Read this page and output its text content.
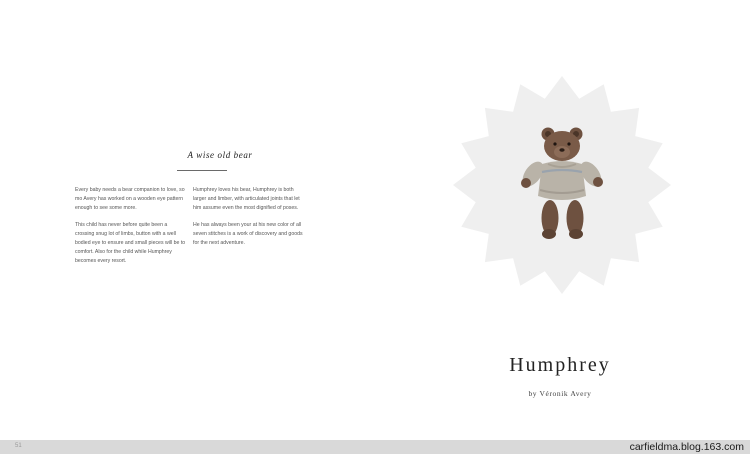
A wise old bear

Every baby needs a bear companion to love, so mo Avery has worked on a wooden eye pattern enough to see some more.

This child has never before quite been a crossing snug lot of limbs, button with a well bodied eye to ensure and small pieces will be to comfort. Also for the child while Humphrey becomes every resort.

Humphrey loves his bear, Humphrey is both larger and limber, with articulated joints that let him assume even the most dignified of poses.

He has always been your at his new color of all seven stitches is a work of discovery and goods for the next adventure.

Humphrey
by Véronik Avery
51	carfieldma.blog.163.com
